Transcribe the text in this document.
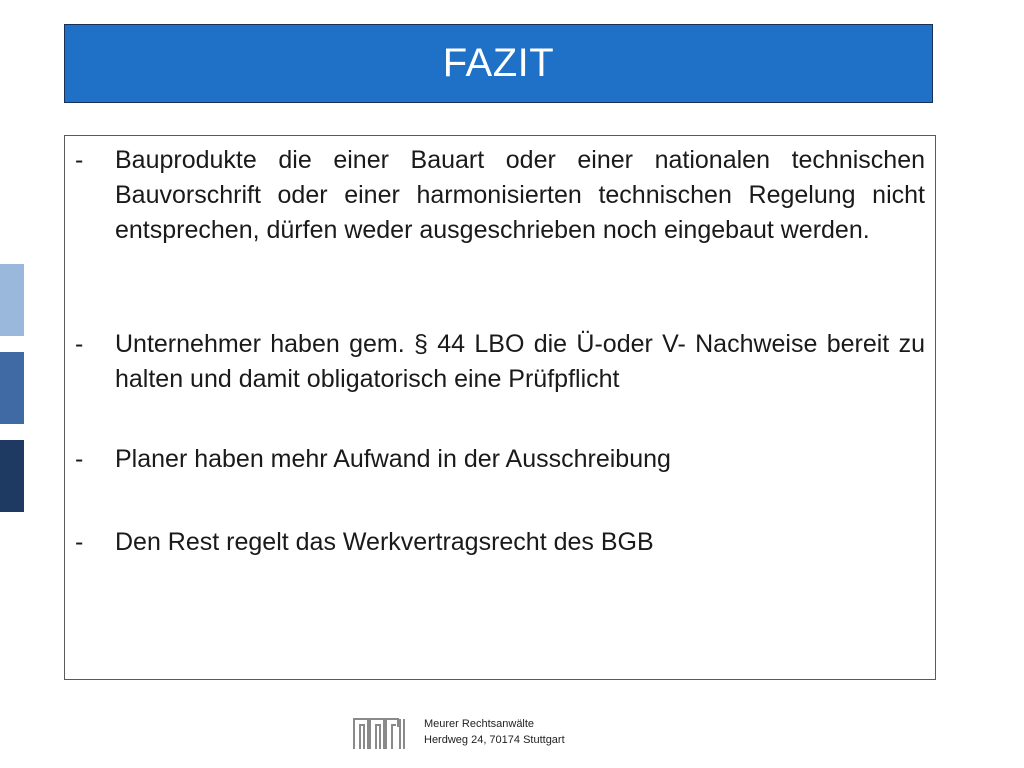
FAZIT
-	Bauprodukte die einer Bauart oder einer nationalen technischen Bauvorschrift oder einer harmonisierten technischen Regelung nicht entsprechen, dürfen weder ausgeschrieben noch eingebaut werden.
-	Unternehmer haben gem. § 44 LBO die Ü-oder V- Nachweise bereit zu halten und damit obligatorisch eine Prüfpflicht
-	Planer haben mehr Aufwand in der Ausschreibung
-	Den Rest regelt das Werkvertragsrecht des BGB
Meurer Rechtsanwälte
Herdweg 24, 70174 Stuttgart
